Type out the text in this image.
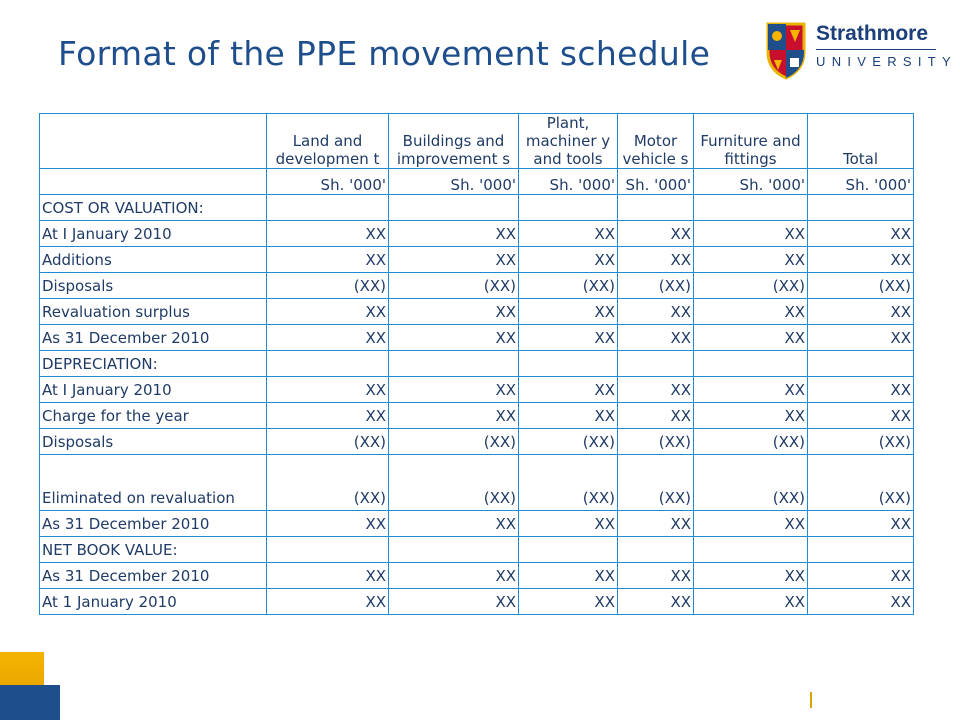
Format of the PPE movement schedule
Strathmore
UNIVERSITY
	Land and developmen t	Buildings and improvement s	Plant, machiner y and tools	Motor vehicle s	Furniture and fittings	Total
	Sh. '000'	Sh. '000'	Sh. '000'	Sh. '000'	Sh. '000'	Sh. '000'
COST OR VALUATION:						
At I January 2010	XX	XX	XX	XX	XX	XX
Additions	XX	XX	XX	XX	XX	XX
Disposals	(XX)	(XX)	(XX)	(XX)	(XX)	(XX)
Revaluation surplus	XX	XX	XX	XX	XX	XX
As 31 December 2010	XX	XX	XX	XX	XX	XX
DEPRECIATION:						
At I January 2010	XX	XX	XX	XX	XX	XX
Charge for the year	XX	XX	XX	XX	XX	XX
Disposals	(XX)	(XX)	(XX)	(XX)	(XX)	(XX)
Eliminated on revaluation	(XX)	(XX)	(XX)	(XX)	(XX)	(XX)
As 31 December 2010	XX	XX	XX	XX	XX	XX
NET BOOK VALUE:						
As 31 December 2010	XX	XX	XX	XX	XX	XX
At 1 January 2010	XX	XX	XX	XX	XX	XX
